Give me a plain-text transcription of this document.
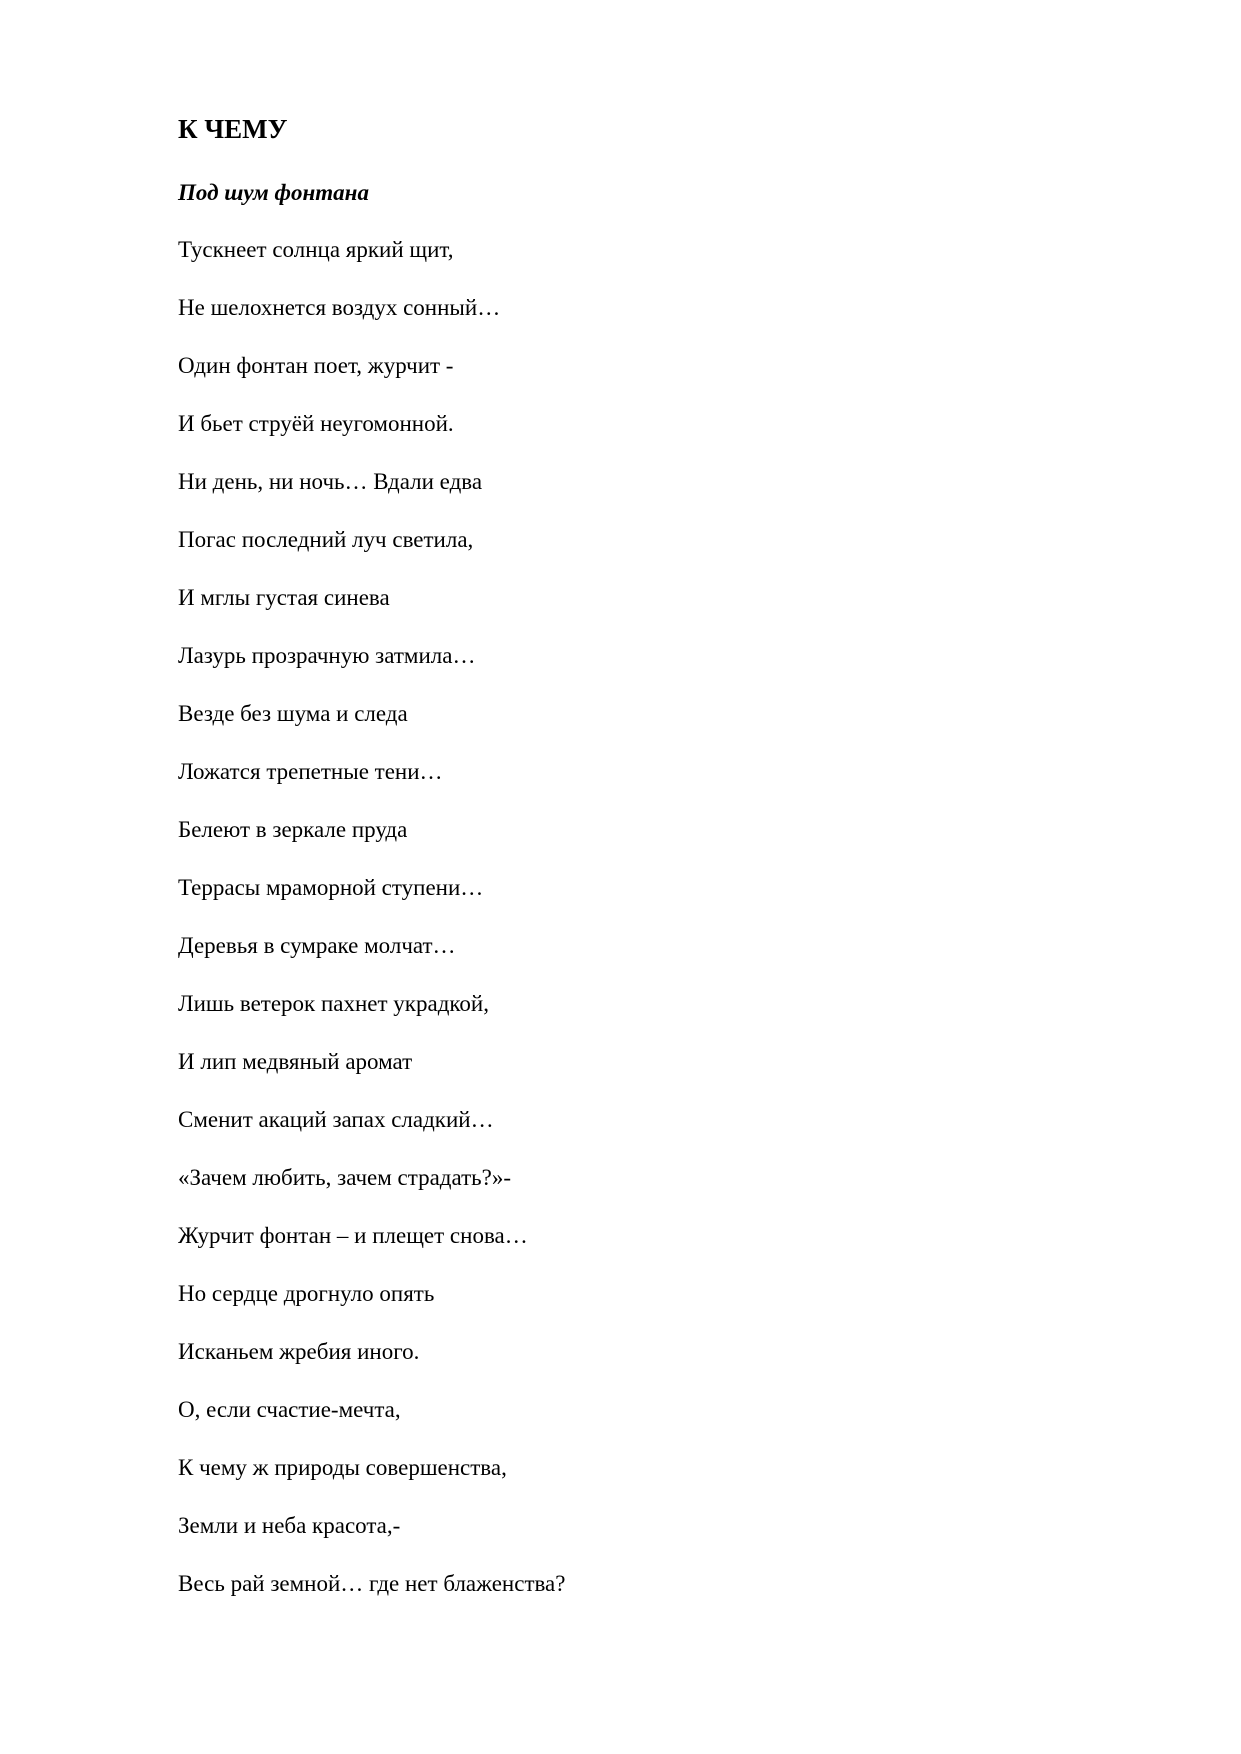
К ЧЕМУ
Под шум фонтана
Тускнеет солнца яркий щит,
Не шелохнется воздух сонный…
Один фонтан поет, журчит -
И бьет струёй неугомонной.
Ни день, ни ночь… Вдали едва
Погас последний луч светила,
И мглы густая синева
Лазурь прозрачную затмила…
Везде без шума и следа
Ложатся трепетные тени…
Белеют в зеркале пруда
Террасы мраморной ступени…
Деревья в сумраке молчат…
Лишь ветерок пахнет украдкой,
И лип медвяный аромат
Сменит акаций запах сладкий…
«Зачем любить, зачем страдать?»-
Журчит фонтан – и плещет снова…
Но сердце дрогнуло опять
Исканьем жребия иного.
О, если счастие-мечта,
К чему ж природы совершенства,
Земли и неба красота,-
Весь рай земной… где нет блаженства?
